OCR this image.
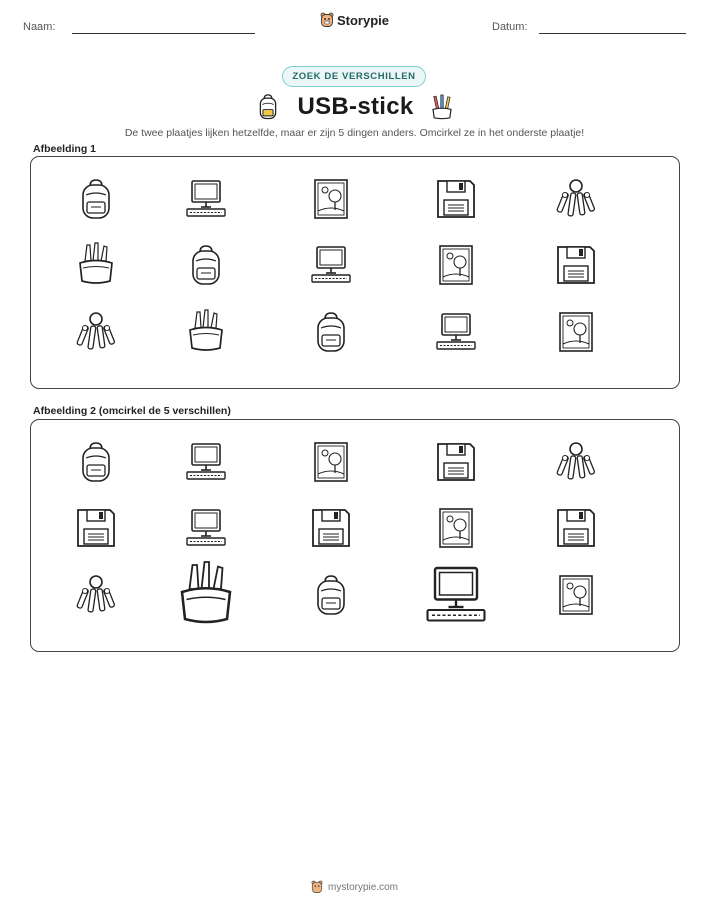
Naam:	Storypie	Datum:
ZOEK DE VERSCHILLEN
USB-stick
De twee plaatjes lijken hetzelfde, maar er zijn 5 dingen anders. Omcirkel ze in het onderste plaatje!
Afbeelding 1
Afbeelding 2 (omcirkel de 5 verschillen)
mystorypie.com
